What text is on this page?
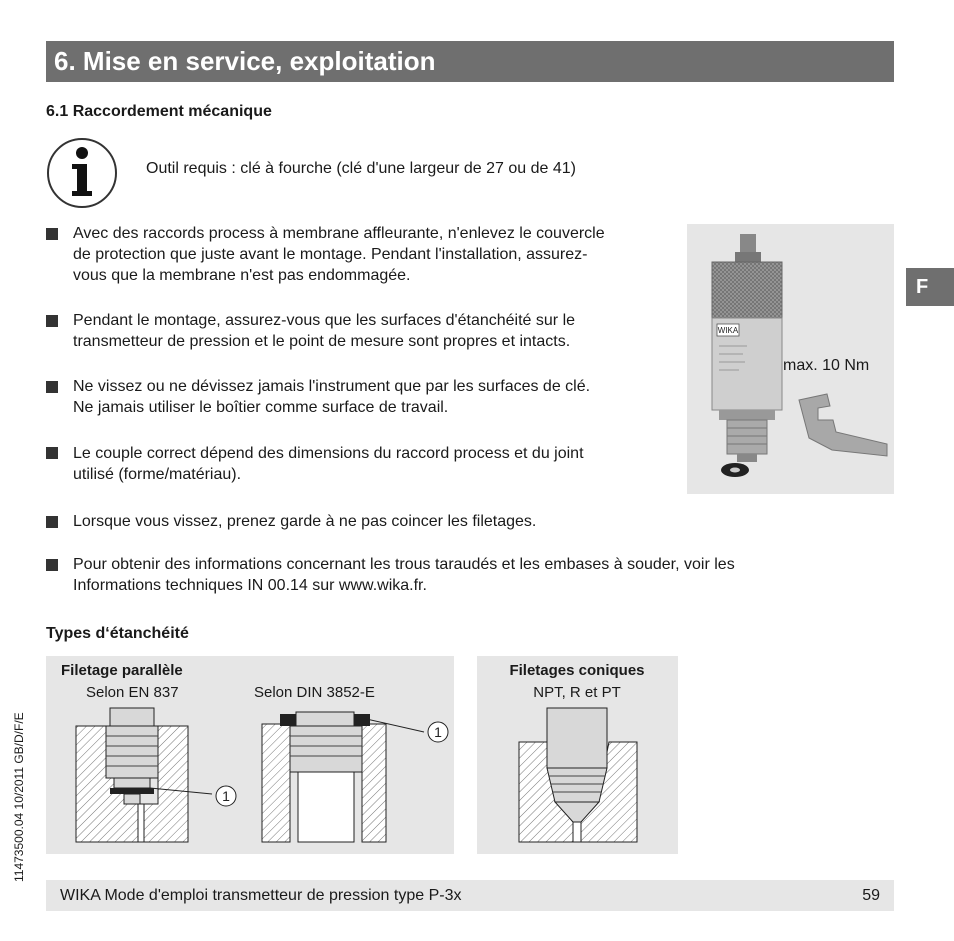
6. Mise en service, exploitation
6.1 Raccordement mécanique
Outil requis : clé à fourche (clé d'une largeur de 27 ou de 41)
Avec des raccords process à membrane affleurante, n'enlevez le couvercle
de protection que juste avant le montage. Pendant l'installation, assurez-
vous que la membrane n'est pas endommagée.
Pendant le montage, assurez-vous que les surfaces d'étanchéité sur le
transmetteur de pression et le point de mesure sont propres et intacts.
Ne vissez ou ne dévissez jamais l'instrument que par les surfaces de clé.
Ne jamais utiliser le boîtier comme surface de travail.
Le couple correct dépend des dimensions du raccord process et du joint
utilisé (forme/matériau).
Lorsque vous vissez, prenez garde à ne pas coincer les filetages.
Pour obtenir des informations concernant les trous taraudés et les embases à souder, voir les
Informations techniques IN 00.14 sur www.wika.fr.
WIKA
max. 10 Nm
F
Types d‘étanchéité
Filetage parallèle
Selon EN 837	Selon DIN 3852-E
1
1
Filetages coniques
NPT, R et PT
11473500.04 10/2011 GB/D/F/E
WIKA Mode d'emploi transmetteur de pression type P-3x	59
